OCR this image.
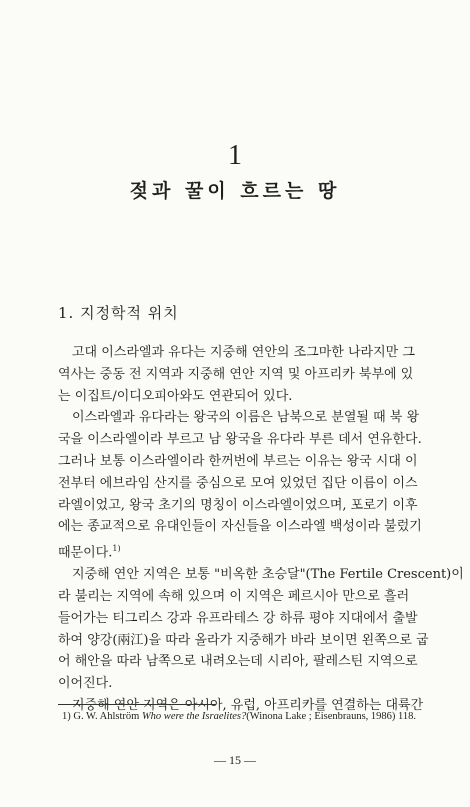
1
젖과 꿀이 흐르는 땅
1. 지정학적 위치

고대 이스라엘과 유다는 지중해 연안의 조그마한 나라지만 그
역사는 중동 전 지역과 지중해 연안 지역 및 아프리카 북부에 있
는 이집트/이디오피아와도 연관되어 있다.

이스라엘과 유다라는 왕국의 이름은 남북으로 분열될 때 북 왕
국을 이스라엘이라 부르고 남 왕국을 유다라 부른 데서 연유한다.
그러나 보통 이스라엘이라 한꺼번에 부르는 이유는 왕국 시대 이
전부터 에브라임 산지를 중심으로 모여 있었던 집단 이름이 이스
라엘이었고, 왕국 초기의 명칭이 이스라엘이었으며, 포로기 이후
에는 종교적으로 유대인들이 자신들을 이스라엘 백성이라 불렀기
때문이다.$^{1)}$

지중해 연안 지역은 보통 "비옥한 초승달"(The Fertile Crescent)이
라 불리는 지역에 속해 있으며 이 지역은 페르시아 만으로 흘러
들어가는 티그리스 강과 유프라테스 강 하류 평야 지대에서 출발
하여 양강(兩江)을 따라 올라가 지중해가 바라 보이면 왼쪽으로 굽
어 해안을 따라 남쪽으로 내려오는데 시리아, 팔레스틴 지역으로
이어진다.

지중해 연안 지역은 아시아, 유럽, 아프리카를 연결하는 대륙간

1) G. W. Ahlström Who were the Israelites?(Winona Lake ; Eisenbrauns, 1986) 118.
— 15 —
